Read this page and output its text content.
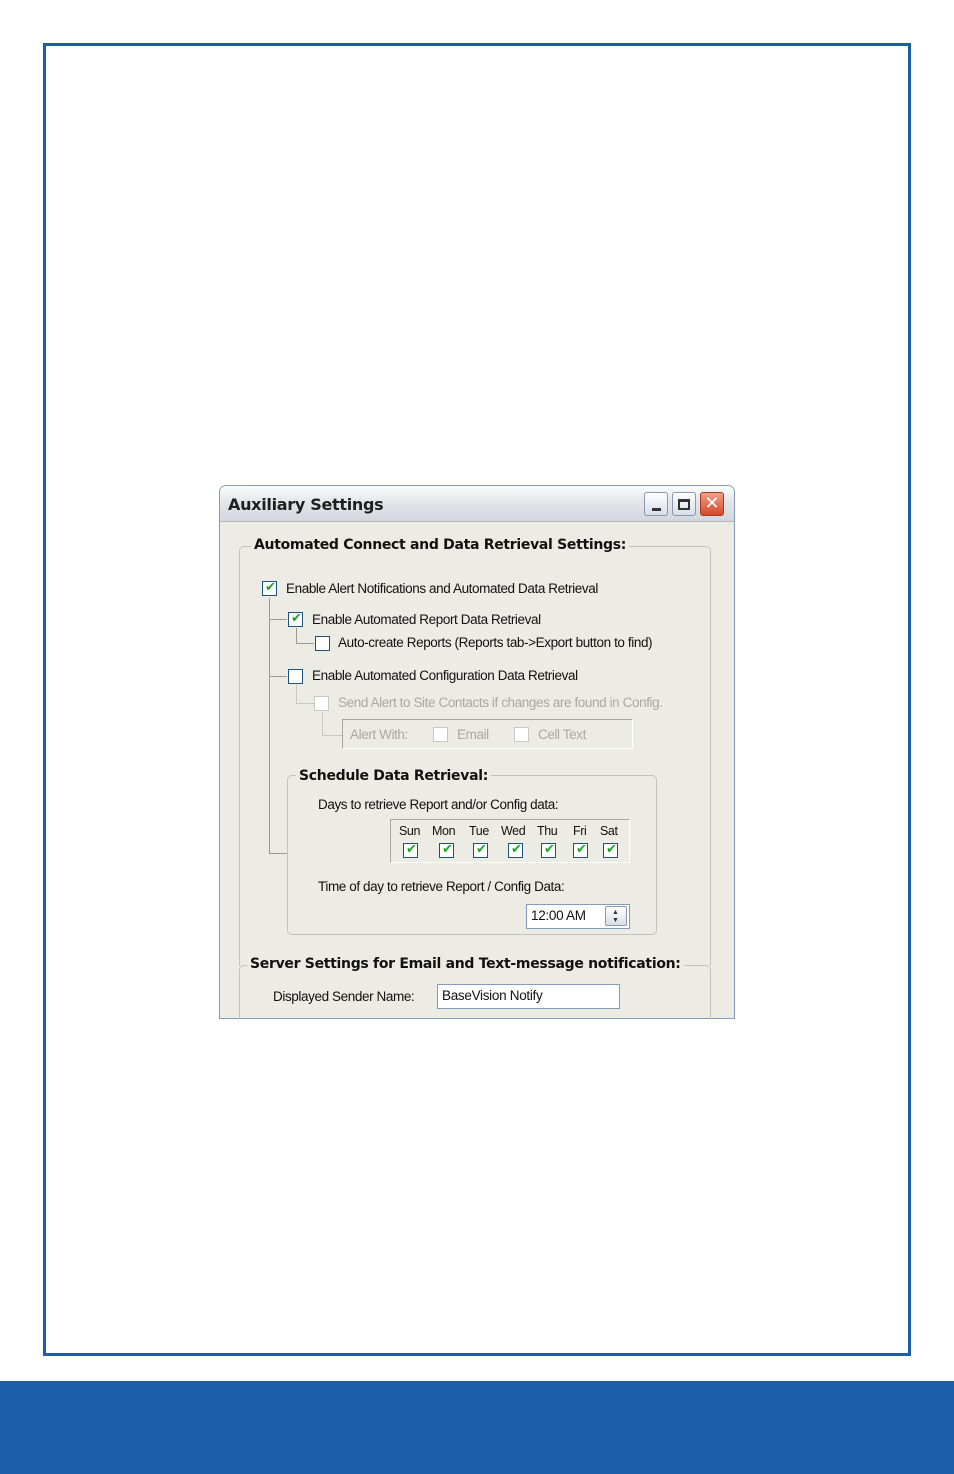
Auxiliary Settings	✕
Automated Connect and Data Retrieval Settings:
✔ Enable Alert Notifications and Automated Data Retrieval
✔ Enable Automated Report Data Retrieval
Auto-create Reports (Reports tab->Export button to find)
Enable Automated Configuration Data Retrieval
Send Alert to Site Contacts if changes are found in Config.
Alert With:	Email	Cell Text
Schedule Data Retrieval:
Days to retrieve Report and/or Config data:
Sun Mon Tue Wed Thu Fri Sat
✔ ✔ ✔ ✔ ✔ ✔ ✔
Time of day to retrieve Report / Config Data:
12:00 AM	▲
▼
Server Settings for Email and Text-message notification:
Displayed Sender Name:	BaseVision Notify
